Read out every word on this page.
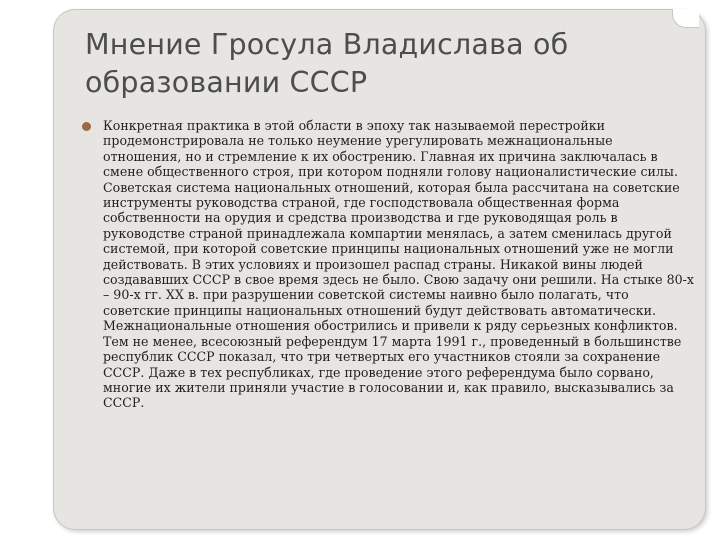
Мнение Гросула Владислава об образовании СССР
Конкретная практика в этой области в эпоху так называемой перестройки продемонстрировала не только неумение урегулировать межнациональные отношения, но и стремление к их обострению. Главная их причина заключалась в смене общественного строя, при котором подняли голову националистические силы. Советская система национальных отношений, которая была рассчитана на советские инструменты руководства страной, где господствовала общественная форма собственности на орудия и средства производства и где руководящая роль в руководстве страной принадлежала компартии менялась, а затем сменилась другой системой, при которой советские принципы национальных отношений уже не могли действовать. В этих условиях и произошел распад страны. Никакой вины людей создававших СССР в свое время здесь не было. Свою задачу они решили. На стыке 80-х – 90-х гг. XX в. при разрушении советской системы наивно было полагать, что советские принципы национальных отношений будут действовать автоматически. Межнациональные отношения обострились и привели к ряду серьезных конфликтов. Тем не менее, всесоюзный референдум 17 марта 1991 г., проведенный в большинстве республик СССР показал, что три четвертых его участников стояли за сохранение СССР. Даже в тех республиках, где проведение этого референдума было сорвано, многие их жители приняли участие в голосовании и, как правило, высказывались за СССР.
